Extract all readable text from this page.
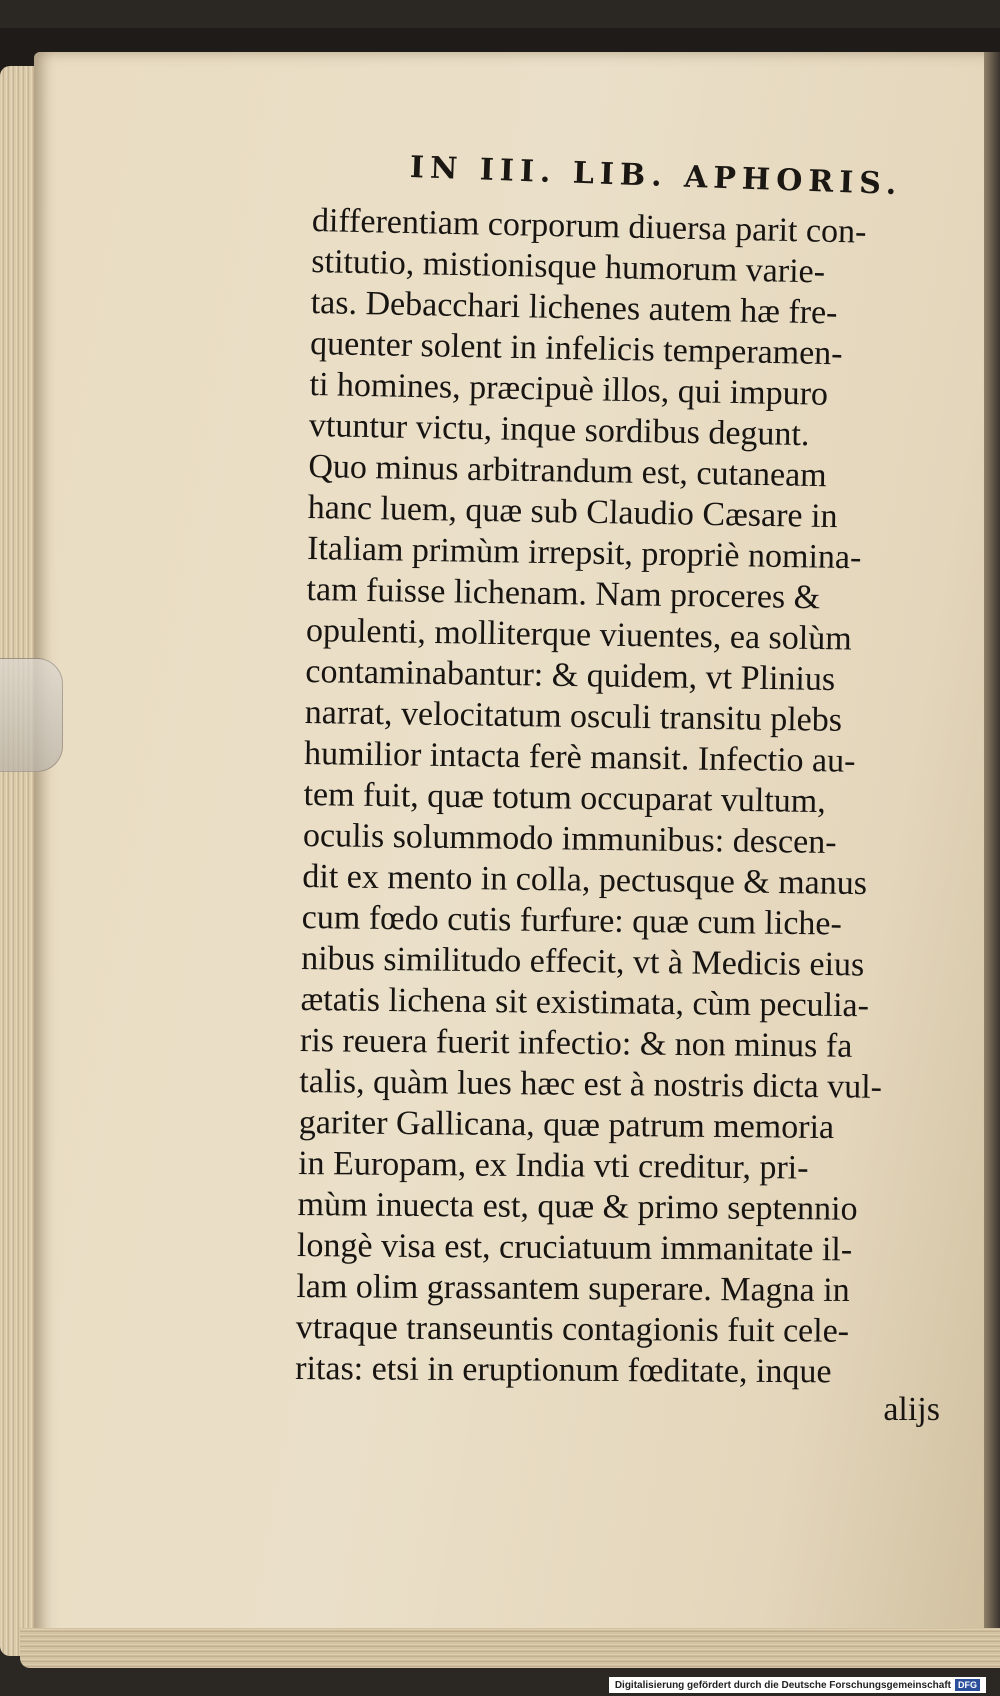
IN III. LIB. APHORIS.
differentiam corporum diuersa parit con-
stitutio, mistionisque humorum varie-
tas. Debacchari lichenes autem hæ fre-
quenter solent in infelicis temperamen-
ti homines, præcipuè illos, qui impuro
vtuntur victu, inque sordibus degunt.
Quo minus arbitrandum est, cutaneam
hanc luem, quæ sub Claudio Cæsare in
Italiam primùm irrepsit, propriè nomina-
tam fuisse lichenam. Nam proceres &
opulenti, molliterque viuentes, ea solùm
contaminabantur: & quidem, vt Plinius
narrat, velocitatum osculi transitu plebs
humilior intacta ferè mansit. Infectio au-
tem fuit, quæ totum occuparat vultum,
oculis solummodo immunibus: descen-
dit ex mento in colla, pectusque & manus
cum fœdo cutis furfure: quæ cum liche-
nibus similitudo effecit, vt à Medicis eius
ætatis lichena sit existimata, cùm peculia-
ris reuera fuerit infectio: & non minus fa
talis, quàm lues hæc est à nostris dicta vul-
gariter Gallicana, quæ patrum memoria
in Europam, ex India vti creditur, pri-
mùm inuecta est, quæ & primo septennio
longè visa est, cruciatuum immanitate il-
lam olim grassantem superare. Magna in
vtraque transeuntis contagionis fuit cele-
ritas: etsi in eruptionum fœditate, inque
alijs
Digitalisierung gefördert durch die Deutsche Forschungsgemeinschaft DFG
